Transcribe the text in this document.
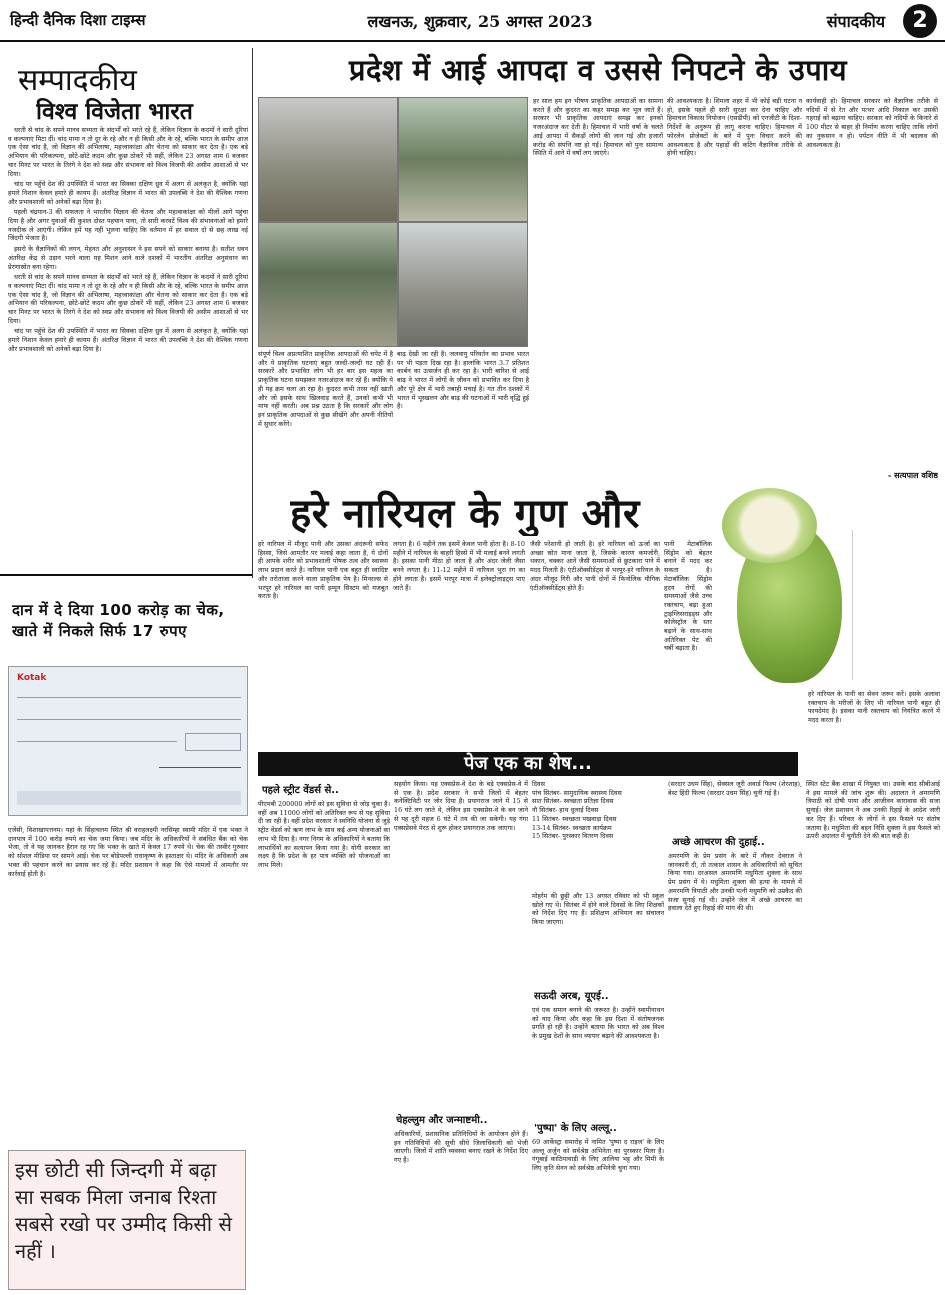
हिन्दी दैनिक दिशा टाइम्स	लखनऊ, शुक्रवार, 25 अगस्त 2023	संपादकीय	2
सम्पादकीय
विश्व विजेता भारत

धरती से चांद के सपने मानव सभ्यता के संदर्भों को भरते रहे हैं, लेकिन विज्ञान के कदमों ने सारी दूरियां व कल्पनाएं मिटा दीं। चांद मामा न तो दूर के रहे और न ही किसी और के रहे, बल्कि भारत के समीप आज एक ऐसा चांद है, जो विज्ञान की अभिलाषा, महत्त्वाकांक्षा और चेतना को साकार कर देता है। एक बड़े अभियान की परिकल्पना, छोटे-छोटे कदम और कुछ ठोकरें भी सहीं, लेकिन 23 अगस्त शाम 6 बजकर चार मिनट पर भारत के तिरंगे ने देश को स्वप्न और संभावना को विश्व विजयी की असीम आशाओं से भर दिया।

चांद पर पहुँचे देश की उपस्थिति में भारत का सिक्का दक्षिण ध्रुव में अलग से अलंकृत है, क्योंकि यहां हमारे निशान केवल हमारे ही कायम हैं। अंतरिक्ष विज्ञान में भारत की उपलब्धि ने देश की वैश्विक गणना और प्रभावशाली को अनेकों बढ़ा दिया है।

पहली चंद्रयान-3 की सफलता ने भारतीय विज्ञान की चेतना और महत्वाकांक्षा को मीलों आगे पहुंचा दिया है और अगर युवाओं की कुशल दोस्त पहचान पाया, तो सारी करवटें विश्व की संभावनाओं को हमारे नजदीक ले आएंगी। लेकिन हमें यह नहीं भूलना चाहिए कि वर्तमान में हर सवाल दो से छह लाख नई जिंदगी भेजता है।

इसरो के वैज्ञानिकों की लगन, मेहनत और अनुशासन ने इस सपने को साकार बनाया है। सतीश धवन अंतरिक्ष केंद्र से उड़ान भरने वाला यह मिशन आने वाले दशकों में भारतीय अंतरिक्ष अनुसंधान का प्रेरणास्रोत बना रहेगा।

धरती से चांद के सपने मानव सभ्यता के संदर्भों को भरते रहे हैं, लेकिन विज्ञान के कदमों ने सारी दूरियां व कल्पनाएं मिटा दीं। चांद मामा न तो दूर के रहे और न ही किसी और के रहे, बल्कि भारत के समीप आज एक ऐसा चांद है, जो विज्ञान की अभिलाषा, महत्त्वाकांक्षा और चेतना को साकार कर देता है। एक बड़े अभियान की परिकल्पना, छोटे-छोटे कदम और कुछ ठोकरें भी सहीं, लेकिन 23 अगस्त शाम 6 बजकर चार मिनट पर भारत के तिरंगे ने देश को स्वप्न और संभावना को विश्व विजयी की असीम आशाओं से भर दिया।

चांद पर पहुँचे देश की उपस्थिति में भारत का सिक्का दक्षिण ध्रुव में अलग से अलंकृत है, क्योंकि यहां हमारे निशान केवल हमारे ही कायम हैं। अंतरिक्ष विज्ञान में भारत की उपलब्धि ने देश की वैश्विक गणना और प्रभावशाली को अनेकों बढ़ा दिया है।

प्रदेश में आई आपदा व उससे निपटने के उपाय
संपूर्ण विश्व अप्रत्याशित प्राकृतिक आपदाओं की चपेट में है और ये प्राकृतिक घटनाएं बहुत जल्दी-जल्दी घट रही हैं। सरकारें और प्रभावित लोग भी हर बार इस महत्व का प्राकृतिक घटना समझकर नजरअंदाज कर रहे हैं। क्योंकि ये ही यह क्रम चला आ रहा है। कुदरत कभी तरस नहीं खाती और जो इसके साथ खिलवाड़ करते हैं, उनको कभी भी माफ नहीं करती। अब प्रश्न उठता है कि सरकारें और लोग इन प्राकृतिक आपदाओं से कुछ सीखेंगे और अपनी नीतियों में सुधार करेंगे।
बाढ़ देखी जा रही है। जलवायु परिवर्तन का प्रभाव भारत पर भी पड़ता दिख रहा है। हालांकि भारत 3.7 प्रतिशत कार्बन का उत्सर्जन ही कर रहा है। भारी बारिश से आई बाढ़ ने भारत में लोगों के जीवन को प्रभावित कर दिया है और पूरे क्षेत्र में भारी तबाही मचाई है। गत तीन दशकों में भारत में भूस्खलन और बाढ़ की घटनाओं में भारी वृद्धि हुई है।
हर साल हम इन भीषण प्राकृतिक आपदाओं का सामना करते हैं और कुदरत का कहर समझ कर भूल जाते हैं। सरकार भी प्राकृतिक आपदाएं समझ कर इनको नजरअंदाज कर देती है। हिमाचल में भारी वर्षा के चलते आई आपदा में सैकड़ों लोगों की जान गई और हजारों करोड़ की संपत्ति नष्ट हो गई। हिमाचल को पुनः सामान्य स्थिति में आने में वर्षों लग जाएंगे।
की आवश्यकता है। शिमला शहर में भी कोई बड़ी घटना न हो, इसके पहले ही सारी सुरक्षा कर देना चाहिए और हिमाचल विकास नियोजन (एसडीपी) को एनजीटी के दिशा-निर्देशों के अनुरूप ही लागू करना चाहिए। हिमाचल में फोरलेन प्रोजेक्टों के बारे में पुनः विचार करने की आवश्यकता है और पहाड़ों की कटिंग वैज्ञानिक तरीके से होनी चाहिए।
कार्यवाही हो। हिमाचल सरकार को वैज्ञानिक तरीके से नदियों में से रेत और पत्थर आदि निकाल कर उसकी गहराई को बढ़ाना चाहिए। सरकार को नदियों के किनारे से 100 मीटर से बाहर ही निर्माण करना चाहिए ताकि लोगों का नुकसान न हो। पर्यटन नीति में भी बदलाव की आवश्यकता है।
- सत्यपाल वशिष्ठ
हरे नारियल के गुण और
हरे नारियल में मौजूद पानी और उसका अंदरूनी सफेद हिस्सा, जिसे आमतौर पर मलाई कहा जाता है, ये दोनों ही आपके शरीर को प्रभावशाली पोषक तत्व और स्वास्थ्य लाभ प्रदान करते हैं। नारियल पानी एक बहुत ही स्वादिष्ट और तरोताजा करने वाला प्राकृतिक पेय है। मिनरल्स से भरपूर हरे नारियल का पानी इम्यून सिस्टम को मजबूत करता है।
लगता है। 6 महीने तक इसमें केवल पानी होता है। 8-10 महीने में नारियल के बाहरी हिस्से में भी मलाई बनने लगती है। इसका पानी मीठा हो जाता है और अंदर जेली जैसा बनने लगता है। 11-12 महीने में नारियल भूरा रंग का होने लगता है। इसमें भरपूर मात्रा में इलेक्ट्रोलाइट्स पाए जाते हैं।
जैसी परेशानी हो जाती है। हरे नारियल को ऊर्जा का अच्छा स्रोत माना जाता है, जिसके कारण कमजोरी, थकान, चक्कर आने जैसी समस्याओं से छुटकारा पाने में मदद मिलती है। एंटीऑक्सीडेंट्स से भरपूर-हरे नारियल के अंदर मौजूद गिरी और पानी दोनों में फिनोलिक यौगिक एंटीऑक्सीडेंट्स होते हैं।
पानी मेटाबॉलिक सिंड्रोम को बेहतर बनाने में मदद कर सकता है। मेटाबॉलिक सिंड्रोम हृदय रोगों की समस्याओं जैसे उच्च रक्तचाप, बढ़ा हुआ ट्राइग्लिसराइड्स और कोलेस्ट्रॉल के स्तर बढ़ाने के साथ-साथ अतिरिक्त पेट की चर्बी बढ़ाता है।
हरे नारियल के पानी का सेवन जरूर करें। इसके अलावा रक्तचाप के मरीजों के लिए भी नारियल पानी बहुत ही फायदेमंद है। इसका पानी रक्तचाप को नियंत्रित करने में मदद करता है।
दान में दे दिया 100 करोड़ का चेक, खाते में निकले सिर्फ 17 रुपए
Kotak
एजेंसी, विशाखापत्तनम। यहां के सिंहाचलम स्थित श्री वराहलक्ष्मी नरसिम्हा स्वामी मंदिर में एक भक्त ने दानपात्र में 100 करोड़ रुपये का चेक जमा किया। जब मंदिर के अधिकारियों ने संबंधित बैंक को चेक भेजा, तो वे यह जानकर हैरान रह गए कि भक्त के खाते में केवल 17 रुपये थे। चेक की तस्वीर गुरुवार को सोशल मीडिया पर सामने आई। चेक पर बोडेपल्ली राधाकृष्ण के हस्ताक्षर थे। मंदिर के अधिकारी अब भक्त की पहचान करने का प्रयास कर रहे हैं। मंदिर प्रशासन ने कहा कि ऐसे मामलों में आमतौर पर कार्रवाई होती है।
इस छोटी सी जिन्दगी में बढ़ा सा सबक मिला जनाब रिश्ता सबसे रखो पर उम्मीद किसी से नहीं ।
पेज एक का शेष...
पहले स्ट्रीट वेंडर्स से..
पीएमबी 200000 लोगों को इस सुविधा से जोड़ चुका है। वहीं अब 11000 लोगों को अतिरिक्त रूप से यह सुविधा दी जा रही है। वहीं प्रदेश सरकार ने स्वनिधि योजना से जुड़े स्ट्रीट वेंडर्स को ऋण लाभ के साथ कई अन्य योजनाओं का लाभ भी दिया है। नगर निगम के अधिकारियों ने बताया कि लाभार्थियों का सत्यापन किया गया है। योगी सरकार का लक्ष्य है कि प्रदेश के हर पात्र व्यक्ति को योजनाओं का लाभ मिले।
सहयोग किया। यह एक्सप्रेस-वे देश के बड़े एक्सप्रेस-वे में से एक है। प्रदेश सरकार ने सभी जिलों में बेहतर कनेक्टिविटी पर जोर दिया है। प्रयागराज जाने में 15 से 16 घंटे लग जाते थे, लेकिन इस एक्सप्रेस-वे के बन जाने से यह दूरी महज 6 घंटे में तय की जा सकेगी। यह गंगा एक्सप्रेसवे मेरठ से शुरू होकर प्रयागराज तक जाएगा।
चेहल्लुम और जन्माष्टमी..
अधिकारियों, प्रशासनिक प्रतिनिधियों के आयोजन होने हैं। इन गतिविधियों की सूची सीधे जिलाधिकारी को भेजी जाएगी। जिलों में शांति व्यवस्था बनाए रखने के निर्देश दिए गए हैं।
दिवस
पांच सितंबर- सामुदायिक स्वास्थ्य दिवस
सात सितंबर- स्वच्छता प्रतिज्ञा दिवस
नौ सितंबर- हाथ धुलाई दिवस
11 सितंबर- स्वच्छता पखवाड़ा दिवस
13-14 सितंबर- स्वच्छता कार्यक्रम
15 सितंबर- पुरस्कार वितरण दिवस
मोहर्रम की छुट्टी और 13 अगस्त रविवार को भी स्कूल खोले गए थे। सितंबर में होने वाले दिवसों के लिए शिक्षकों को निर्देश दिए गए हैं। प्रशिक्षण अभियान का संचालन किया जाएगा।
सऊदी अरब, यूएई..
एवं एक समान बनाने की जरूरत है। उन्होंने स्वामीनाथन को याद किया और कहा कि इस दिशा में संतोषजनक प्रगति हो रही है। उन्होंने बताया कि भारत को अब विश्व के प्रमुख देशों के साथ व्यापार बढ़ाने की आवश्यकता है।
'पुष्पा' के लिए अल्लू..
69 आर्केस्ट्रा समारोह में नामित 'पुष्पा द राइज' के लिए अल्लू अर्जुन को सर्वश्रेष्ठ अभिनेता का पुरस्कार मिला है। गंगूबाई काठियावाड़ी के लिए आलिया भट्ट और मिमी के लिए कृति सेनन को सर्वश्रेष्ठ अभिनेत्री चुना गया।
(सरदार उधम सिंह), सेक्सल जूरी अवार्ड फिल्म (शेरशाह), बेस्ट हिंदी फिल्म (सरदार उधम सिंह) चुनी गई है।
अच्छे आचरण की दुहाई..
अमरमणि के प्रेम प्रसंग के बारे में नौकर देवराज ने जानकारी दी, तो तत्काल शासन के अधिकारियों को सूचित किया गया। दरअसल अमरमणि मधुमिता शुक्ला के साथ प्रेम प्रसंग में थे। मधुमिता शुक्ला की हत्या के मामले में अमरमणि त्रिपाठी और उनकी पत्नी मधुमणि को उम्रकैद की सजा सुनाई गई थी। उन्होंने जेल में अच्छे आचरण का हवाला देते हुए रिहाई की मांग की थी।
स्थित स्टेट बैंक शाखा में नियुक्त था। उसके बाद सीबीआई ने इस मामले की जांच शुरू की। अदालत ने अमरमणि त्रिपाठी को दोषी पाया और आजीवन कारावास की सजा सुनाई। जेल प्रशासन ने अब उनकी रिहाई के आदेश जारी कर दिए हैं। परिवार के लोगों ने इस फैसले पर संतोष जताया है। मधुमिता की बहन निधि शुक्ला ने इस फैसले को ऊपरी अदालत में चुनौती देने की बात कही है।
